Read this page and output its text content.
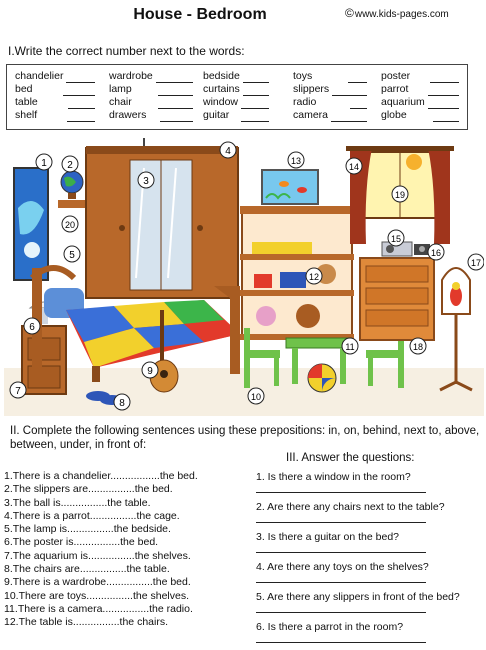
House - Bedroom	©www.kids-pages.com
I.Write the correct number next to the words:
chandelier
bed
table
shelf
wardrobe
lamp
chair
drawers
bedside
curtains
window
guitar
toys
slippers
radio
camera
poster
parrot
aquarium
globe
1 2
3
4
5
6
7
8
9
10
11
12
13
14
15
16
17
18
19
20
II. Complete the following sentences using these prepositions: in, on, behind, next to, above, between, under, in front of:
III. Answer the questions:
1.There is a chandelier.................the bed.
2.The slippers are................the bed.
3.The ball is................the table.
4.There is a parrot................the cage.
5.The lamp is................the bedside.
6.The poster is................the bed.
7.The aquarium is................the shelves.
8.The chairs are................the table.
9.There is a wardrobe................the bed.
10.There are toys................the shelves.
11.There is a camera................the radio.
12.The table is................the chairs.
1. Is there a window in the room?
2. Are there any chairs next to the table?
3. Is there a guitar on the bed?
4. Are there any toys on the shelves?
5. Are there any slippers in front of the bed?
6. Is there a parrot in the room?
